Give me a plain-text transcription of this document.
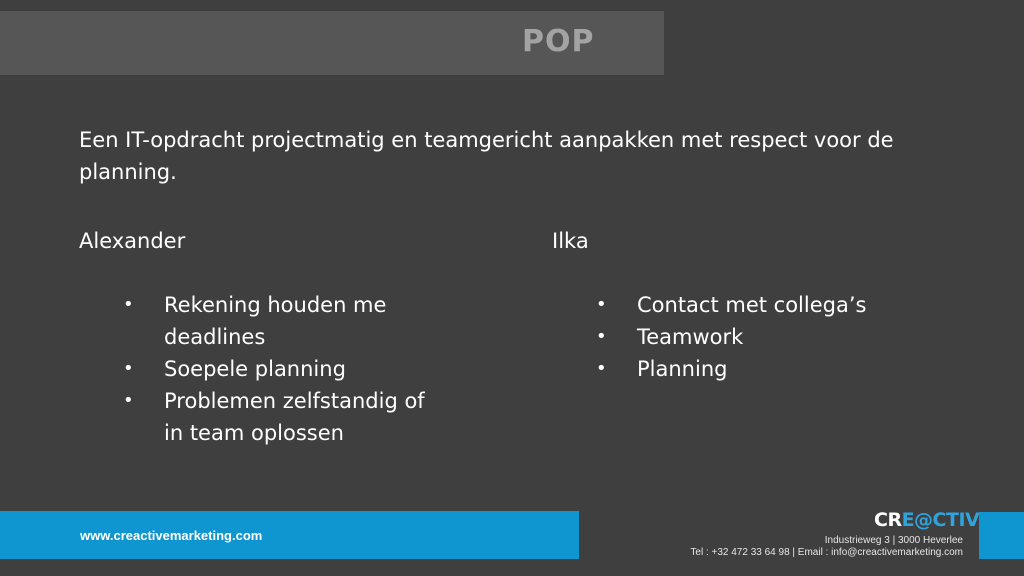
POP
Een IT-opdracht projectmatig en teamgericht aanpakken met respect voor de planning.
Alexander
• Rekening houden me deadlines
• Soepele planning
• Problemen zelfstandig of in team oplossen
Ilka
• Contact met collega’s
• Teamwork
• Planning
www.creactivemarketing.com
CRE@CTIV
Industrieweg 3 | 3000 Heverlee
Tel : +32 472 33 64 98 | Email : info@creactivemarketing.com
